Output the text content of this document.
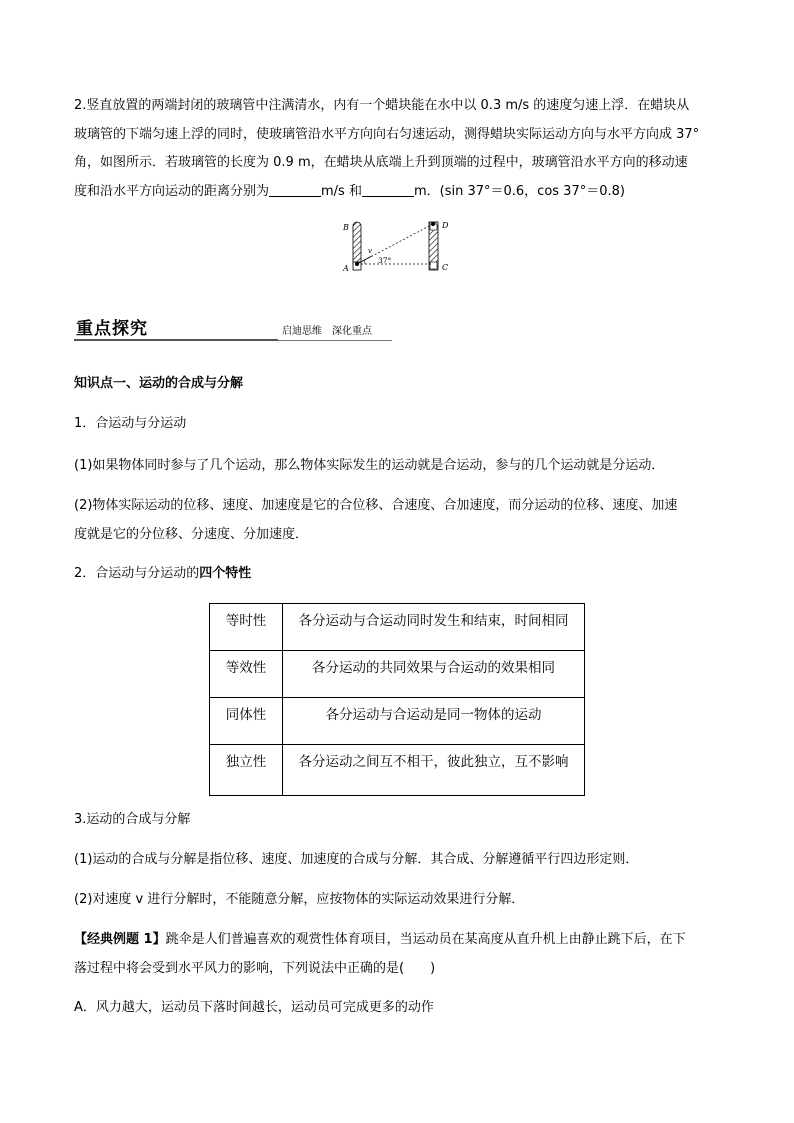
2.竖直放置的两端封闭的玻璃管中注满清水，内有一个蜡块能在水中以 0.3 m/s 的速度匀速上浮．在蜡块从
玻璃管的下端匀速上浮的同时，使玻璃管沿水平方向向右匀速运动，测得蜡块实际运动方向与水平方向成 37°
角，如图所示．若玻璃管的长度为 0.9 m，在蜡块从底端上升到顶端的过程中，玻璃管沿水平方向的移动速
度和沿水平方向运动的距离分别为	m/s 和	m．(sin 37°＝0.6，cos 37°＝0.8)
B
A
D
C
v
37°
重点探究	启迪思维　深化重点
知识点一、运动的合成与分解
1．合运动与分运动
(1)如果物体同时参与了几个运动，那么物体实际发生的运动就是合运动，参与的几个运动就是分运动．
(2)物体实际运动的位移、速度、加速度是它的合位移、合速度、合加速度，而分运动的位移、速度、加速
度就是它的分位移、分速度、分加速度．
2．合运动与分运动的四个特性
等时性	各分运动与合运动同时发生和结束，时间相同
等效性	各分运动的共同效果与合运动的效果相同
同体性	各分运动与合运动是同一物体的运动
独立性	各分运动之间互不相干，彼此独立，互不影响
3.运动的合成与分解
(1)运动的合成与分解是指位移、速度、加速度的合成与分解．其合成、分解遵循平行四边形定则．
(2)对速度 v 进行分解时，不能随意分解，应按物体的实际运动效果进行分解．
【经典例题 1】跳伞是人们普遍喜欢的观赏性体育项目，当运动员在某高度从直升机上由静止跳下后，在下
落过程中将会受到水平风力的影响，下列说法中正确的是(　　)
A．风力越大，运动员下落时间越长，运动员可完成更多的动作
